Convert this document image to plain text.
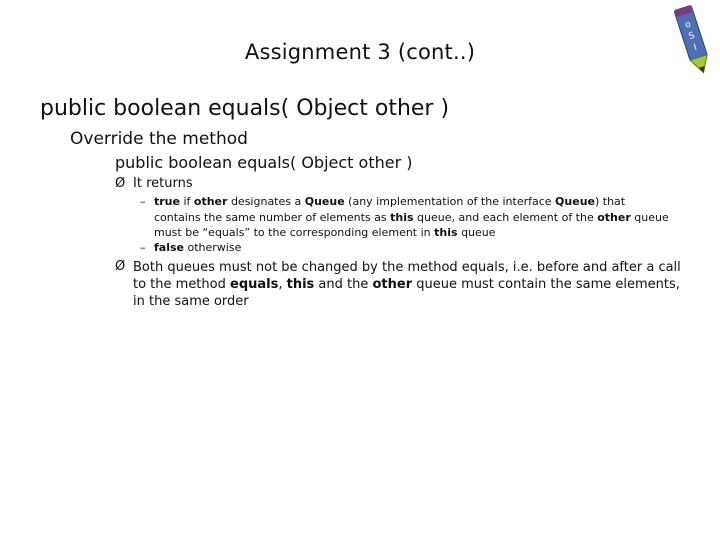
Assignment 3 (cont..)
o
S
I
public boolean equals( Object other )
Override the method
public boolean equals( Object other )
Ø It returns
– true if other designates a Queue (any implementation of the interface Queue) that contains the same number of elements as this queue, and each element of the other queue must be “equals” to the corresponding element in this queue
– false otherwise
Ø Both queues must not be changed by the method equals, i.e. before and after a call to the method equals, this and the other queue must contain the same elements, in the same order
